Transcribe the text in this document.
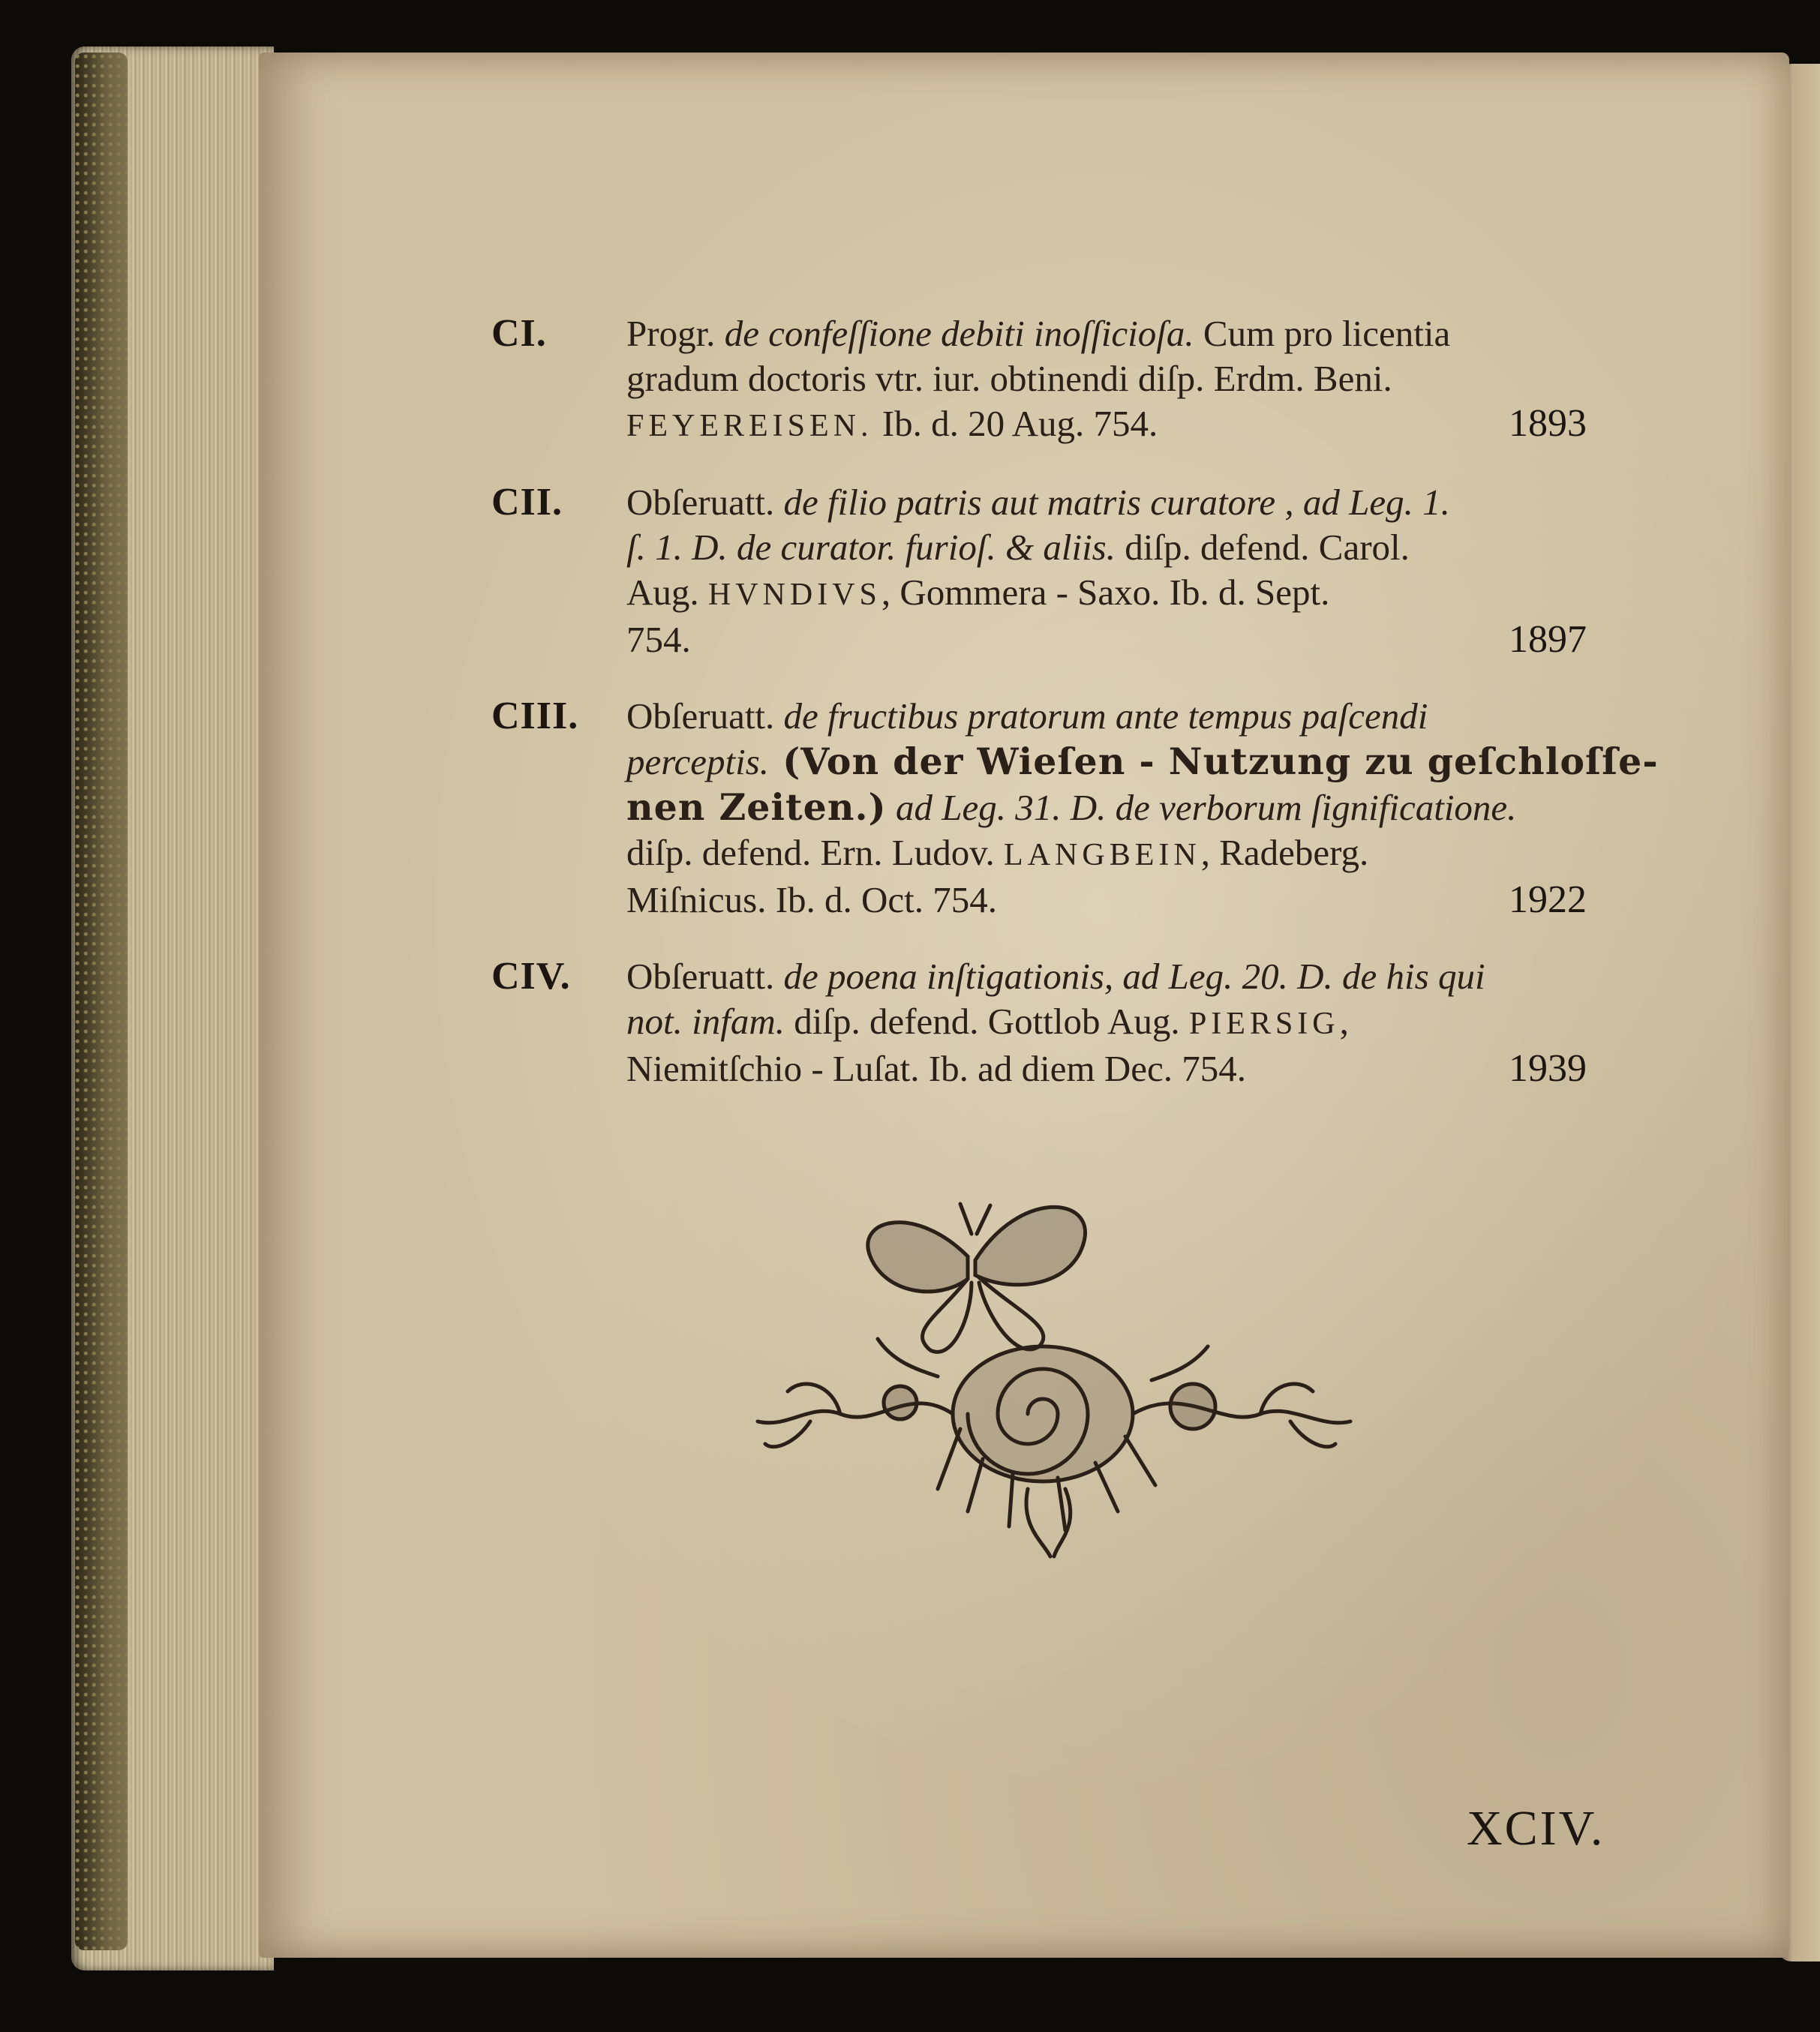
CI. Progr. de confeſſione debiti inoſſicioſa. Cum pro licentia
gradum doctoris vtr. iur. obtinendi diſp. Erdm. Beni.
FEYEREISEN. Ib. d. 20 Aug. 754.	1893
CII. Obſeruatt. de filio patris aut matris curatore , ad Leg. 1.
ſ. 1. D. de curator. furioſ. & aliis. diſp. defend. Carol.
Aug. HVNDIVS, Gommera - Saxo. Ib. d. Sept.
754.	1897
CIII. Obſeruatt. de fructibus pratorum ante tempus paſcendi
perceptis. (Von der Wieſen - Nutzung zu geſchloſſe-
nen Zeiten.) ad Leg. 31. D. de verborum ſignificatione.
diſp. defend. Ern. Ludov. LANGBEIN, Radeberg.
Miſnicus. Ib. d. Oct. 754.	1922
CIV. Obſeruatt. de poena inſtigationis, ad Leg. 20. D. de his qui
not. infam. diſp. defend. Gottlob Aug. PIERSIG,
Niemitſchio - Luſat. Ib. ad diem Dec. 754.	1939
XCIV.
